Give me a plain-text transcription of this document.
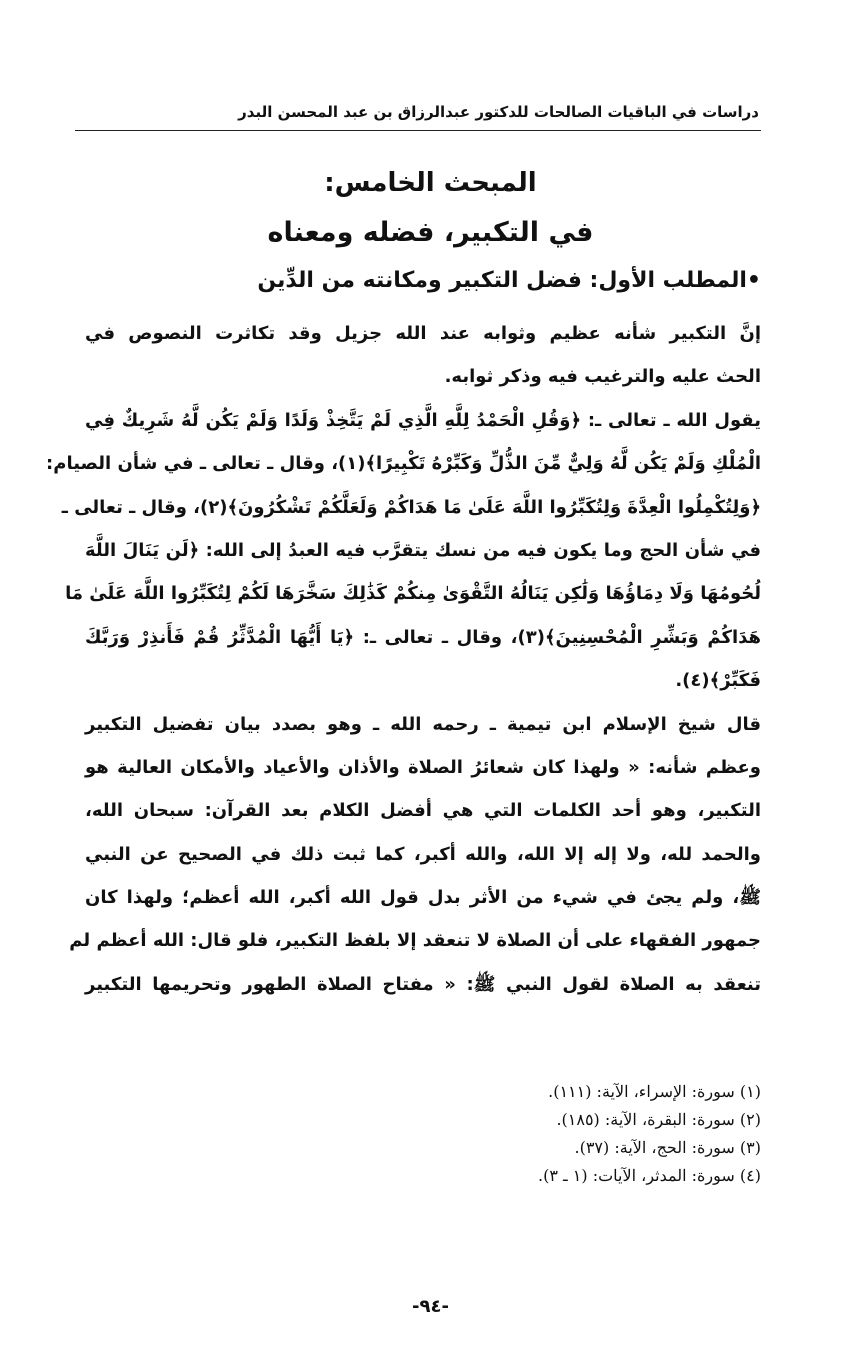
دراسات في الباقيات الصالحات للدكتور عبدالرزاق بن عبد المحسن البدر
المبحث الخامس:
في التكبير، فضله ومعناه
•المطلب الأول: فضل التكبير ومكانته من الدِّين
إنَّ التكبير شأنه عظيم وثوابه عند الله جزيل وقد تكاثرت النصوص في
الحث عليه والترغيب فيه وذكر ثوابه.
يقول الله ـ تعالى ـ: ﴿وَقُلِ الْحَمْدُ لِلَّهِ الَّذِي لَمْ يَتَّخِذْ وَلَدًا وَلَمْ يَكُن لَّهُ شَرِيكٌ فِي
الْمُلْكِ وَلَمْ يَكُن لَّهُ وَلِيٌّ مِّنَ الذُّلِّ وَكَبِّرْهُ تَكْبِيرًا﴾(١)، وقال ـ تعالى ـ في شأن الصيام:
﴿وَلِتُكْمِلُوا الْعِدَّةَ وَلِتُكَبِّرُوا اللَّهَ عَلَىٰ مَا هَدَاكُمْ وَلَعَلَّكُمْ تَشْكُرُونَ﴾(٢)، وقال ـ تعالى ـ
في شأن الحج وما يكون فيه من نسك يتقرَّب فيه العبدُ إلى الله: ﴿لَن يَنَالَ اللَّهَ
لُحُومُهَا وَلَا دِمَاؤُهَا وَلَٰكِن يَنَالُهُ التَّقْوَىٰ مِنكُمْ كَذَٰلِكَ سَخَّرَهَا لَكُمْ لِتُكَبِّرُوا اللَّهَ عَلَىٰ مَا
هَدَاكُمْ وَبَشِّرِ الْمُحْسِنِينَ﴾(٣)، وقال ـ تعالى ـ: ﴿يَا أَيُّهَا الْمُدَّثِّرُ قُمْ فَأَنذِرْ وَرَبَّكَ
فَكَبِّرْ﴾(٤).
قال شيخ الإسلام ابن تيمية ـ رحمه الله ـ وهو بصدد بيان تفضيل التكبير
وعظم شأنه: « ولهذا كان شعائرُ الصلاة والأذان والأعياد والأمكان العالية هو
التكبير، وهو أحد الكلمات التي هي أفضل الكلام بعد القرآن: سبحان الله،
والحمد لله، ولا إله إلا الله، والله أكبر، كما ثبت ذلك في الصحيح عن النبي
ﷺ، ولم يجئ في شيء من الأثر بدل قول الله أكبر، الله أعظم؛ ولهذا كان
جمهور الفقهاء على أن الصلاة لا تنعقد إلا بلفظ التكبير، فلو قال: الله أعظم لم
تنعقد به الصلاة لقول النبي ﷺ: « مفتاح الصلاة الطهور وتحريمها التكبير
(١) سورة: الإسراء، الآية: (١١١).
(٢) سورة: البقرة، الآية: (١٨٥).
(٣) سورة: الحج، الآية: (٣٧).
(٤) سورة: المدثر، الآيات: (١ ـ ٣).
-٩٤-
